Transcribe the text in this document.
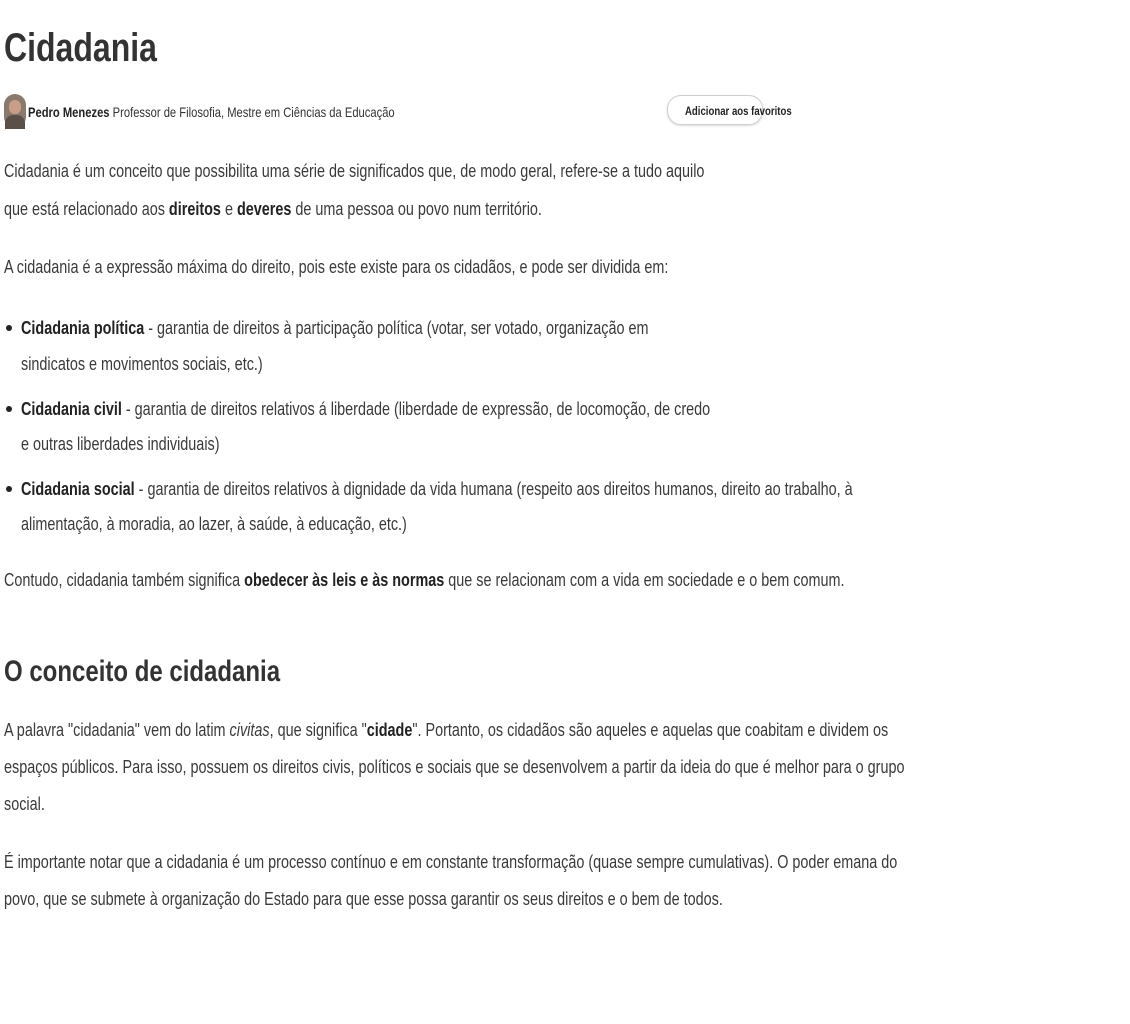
Cidadania
Pedro Menezes Professor de Filosofia, Mestre em Ciências da Educação	Adicionar aos favoritos
Cidadania é um conceito que possibilita uma série de significados que, de modo geral, refere-se a tudo aquilo
que está relacionado aos direitos e deveres de uma pessoa ou povo num território.
A cidadania é a expressão máxima do direito, pois este existe para os cidadãos, e pode ser dividida em:
Cidadania política - garantia de direitos à participação política (votar, ser votado, organização em
sindicatos e movimentos sociais, etc.)
Cidadania civil - garantia de direitos relativos á liberdade (liberdade de expressão, de locomoção, de credo
e outras liberdades individuais)
Cidadania social - garantia de direitos relativos à dignidade da vida humana (respeito aos direitos humanos, direito ao trabalho, à
alimentação, à moradia, ao lazer, à saúde, à educação, etc.)
Contudo, cidadania também significa obedecer às leis e às normas que se relacionam com a vida em sociedade e o bem comum.
O conceito de cidadania
A palavra "cidadania" vem do latim civitas, que significa "cidade". Portanto, os cidadãos são aqueles e aquelas que coabitam e dividem os
espaços públicos. Para isso, possuem os direitos civis, políticos e sociais que se desenvolvem a partir da ideia do que é melhor para o grupo
social.
É importante notar que a cidadania é um processo contínuo e em constante transformação (quase sempre cumulativas). O poder emana do
povo, que se submete à organização do Estado para que esse possa garantir os seus direitos e o bem de todos.
